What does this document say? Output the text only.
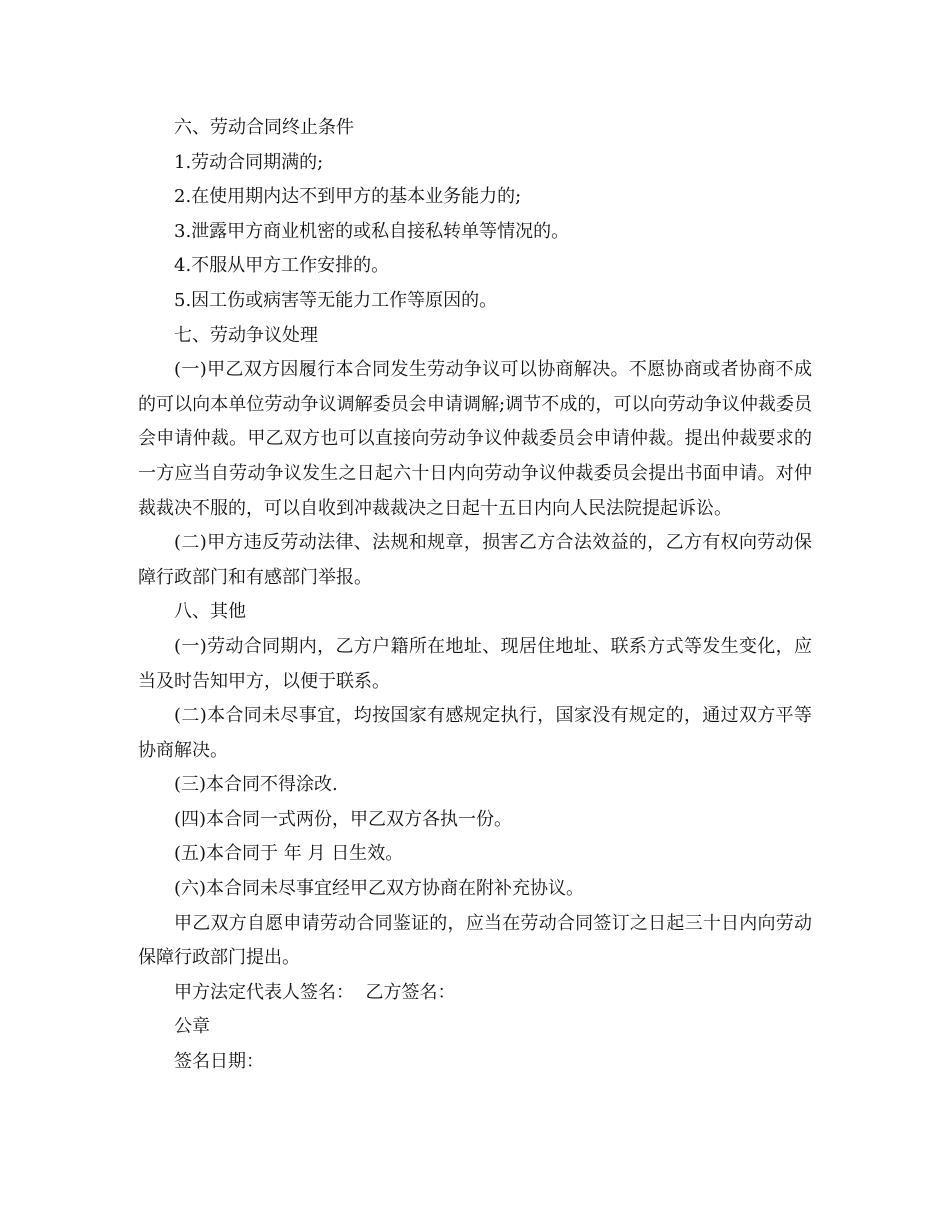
六、劳动合同终止条件

1.劳动合同期满的;

2.在使用期内达不到甲方的基本业务能力的;

3.泄露甲方商业机密的或私自接私转单等情况的。

4.不服从甲方工作安排的。

5.因工伤或病害等无能力工作等原因的。

七、劳动争议处理

(一)甲乙双方因履行本合同发生劳动争议可以协商解决。不愿协商或者协商不成的可以向本单位劳动争议调解委员会申请调解;调节不成的，可以向劳动争议仲裁委员会申请仲裁。甲乙双方也可以直接向劳动争议仲裁委员会申请仲裁。提出仲裁要求的一方应当自劳动争议发生之日起六十日内向劳动争议仲裁委员会提出书面申请。对仲裁裁决不服的，可以自收到冲裁裁决之日起十五日内向人民法院提起诉讼。

(二)甲方违反劳动法律、法规和规章，损害乙方合法效益的，乙方有权向劳动保障行政部门和有感部门举报。

八、其他

(一)劳动合同期内，乙方户籍所在地址、现居住地址、联系方式等发生变化，应当及时告知甲方，以便于联系。

(二)本合同未尽事宜，均按国家有感规定执行，国家没有规定的，通过双方平等协商解决。

(三)本合同不得涂改.

(四)本合同一式两份，甲乙双方各执一份。

(五)本合同于 年 月 日生效。

(六)本合同未尽事宜经甲乙双方协商在附补充协议。

甲乙双方自愿申请劳动合同鉴证的，应当在劳动合同签订之日起三十日内向劳动保障行政部门提出。

甲方法定代表人签名：  乙方签名：

公章

签名日期：
